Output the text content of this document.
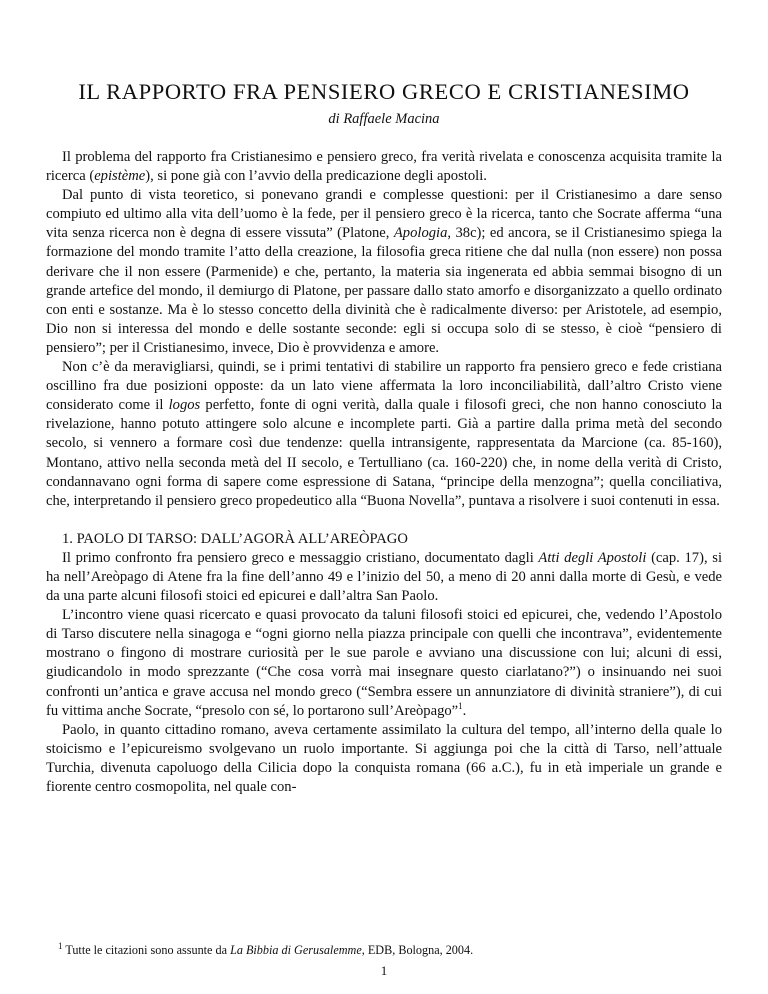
IL RAPPORTO FRA PENSIERO GRECO E CRISTIANESIMO
di Raffaele Macina

Il problema del rapporto fra Cristianesimo e pensiero greco, fra verità rivelata e conoscenza acquisita tramite la ricerca (epistème), si pone già con l’avvio della predicazione degli apostoli.

Dal punto di vista teoretico, si ponevano grandi e complesse questioni: per il Cristianesimo a dare senso compiuto ed ultimo alla vita dell’uomo è la fede, per il pensiero greco è la ricerca, tanto che Socrate afferma “una vita senza ricerca non è degna di essere vissuta” (Platone, Apologia, 38c); ed ancora, se il Cristianesimo spiega la formazione del mondo tramite l’atto della creazione, la filosofia greca ritiene che dal nulla (non essere) non possa derivare che il non essere (Parmenide) e che, pertanto, la materia sia ingenerata ed abbia semmai bisogno di un grande artefice del mondo, il demiurgo di Platone, per passare dallo stato amorfo e disorganizzato a quello ordinato con enti e sostanze. Ma è lo stesso concetto della divinità che è radicalmente diverso: per Aristotele, ad esempio, Dio non si interessa del mondo e delle sostante seconde: egli si occupa solo di se stesso, è cioè “pensiero di pensiero”; per il Cristianesimo, invece, Dio è provvidenza e amore.

Non c’è da meravigliarsi, quindi, se i primi tentativi di stabilire un rapporto fra pensiero greco e fede cristiana oscillino fra due posizioni opposte: da un lato viene affermata la loro inconciliabilità, dall’altro Cristo viene considerato come il logos perfetto, fonte di ogni verità, dalla quale i filosofi greci, che non hanno conosciuto la rivelazione, hanno potuto attingere solo alcune e incomplete parti. Già a partire dalla prima metà del secondo secolo, si vennero a formare così due tendenze: quella intransigente, rappresentata da Marcione (ca. 85-160), Montano, attivo nella seconda metà del II secolo, e Tertulliano (ca. 160-220) che, in nome della verità di Cristo, condannavano ogni forma di sapere come espressione di Satana, “principe della menzogna”; quella conciliativa, che, interpretando il pensiero greco propedeutico alla “Buona Novella”, puntava a risolvere i suoi contenuti in essa.

1. PAOLO DI TARSO: DALL’AGORÀ ALL’AREÒPAGO

Il primo confronto fra pensiero greco e messaggio cristiano, documentato dagli Atti degli Apostoli (cap. 17), si ha nell’Areòpago di Atene fra la fine dell’anno 49 e l’inizio del 50, a meno di 20 anni dalla morte di Gesù, e vede da una parte alcuni filosofi stoici ed epicurei e dall’altra San Paolo.

L’incontro viene quasi ricercato e quasi provocato da taluni filosofi stoici ed epicurei, che, vedendo l’Apostolo di Tarso discutere nella sinagoga e “ogni giorno nella piazza principale con quelli che incontrava”, evidentemente mostrano o fingono di mostrare curiosità per le sue parole e avviano una discussione con lui; alcuni di essi, giudicandolo in modo sprezzante (“Che cosa vorrà mai insegnare questo ciarlatano?”) o insinuando nei suoi confronti un’antica e grave accusa nel mondo greco (“Sembra essere un annunziatore di divinità straniere”), di cui fu vittima anche Socrate, “presolo con sé, lo portarono sull’Areòpago”$^1$.

Paolo, in quanto cittadino romano, aveva certamente assimilato la cultura del tempo, all’interno della quale lo stoicismo e l’epicureismo svolgevano un ruolo importante. Si aggiunga poi che la città di Tarso, nell’attuale Turchia, divenuta capoluogo della Cilicia dopo la conquista romana (66 a.C.), fu in età imperiale un grande e fiorente centro cosmopolita, nel quale con-

$^1$ Tutte le citazioni sono assunte da La Bibbia di Gerusalemme, EDB, Bologna, 2004.
1
